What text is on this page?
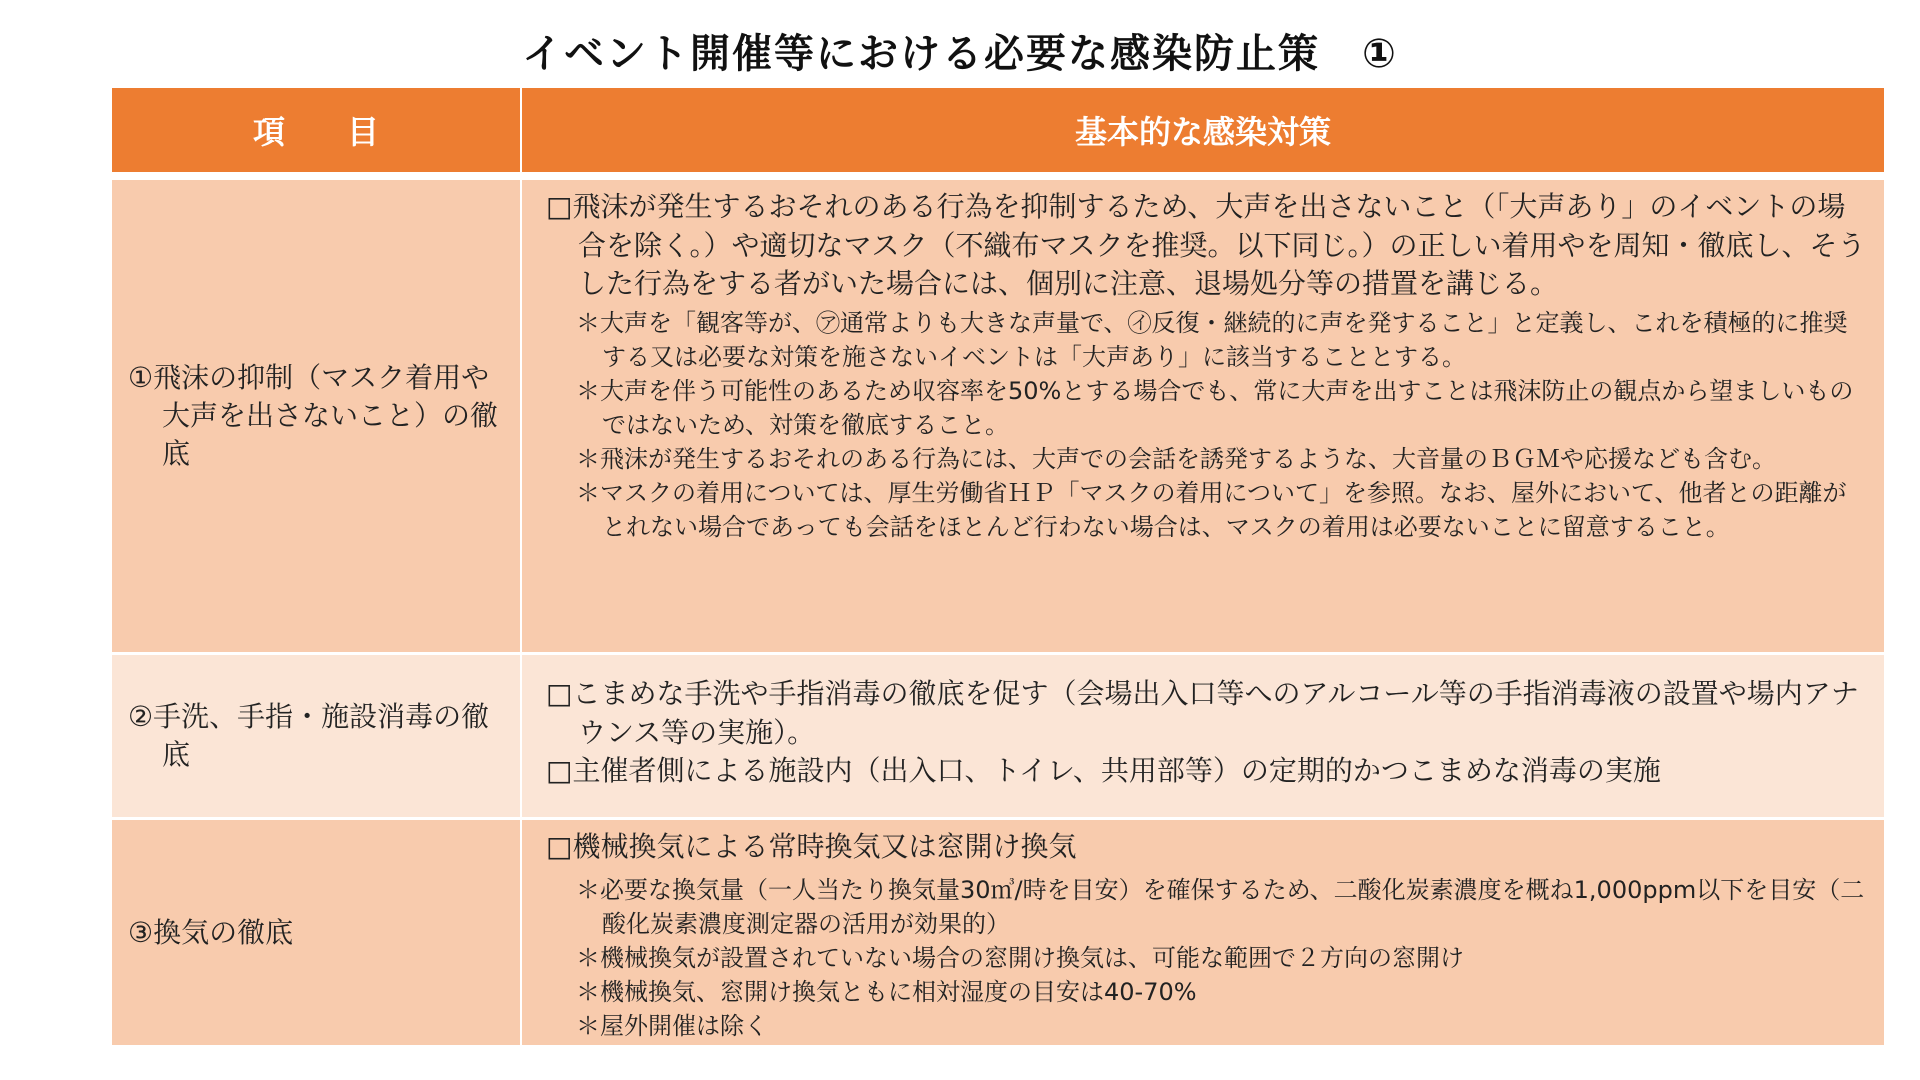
イベント開催等における必要な感染防止策　①
項目	基本的な感染対策
①飛沫の抑制（マスク着用や大声を出さないこと）の徹底
□飛沫が発生するおそれのある行為を抑制するため、大声を出さないこと（「大声あり」のイベントの場合を除く。）や適切なマスク（不織布マスクを推奨。以下同じ。）の正しい着用やを周知・徹底し、そうした行為をする者がいた場合には、個別に注意、退場処分等の措置を講じる。
＊大声を「観客等が、㋐通常よりも大きな声量で、㋑反復・継続的に声を発すること」と定義し、これを積極的に推奨する又は必要な対策を施さないイベントは「大声あり」に該当することとする。
＊大声を伴う可能性のあるため収容率を50%とする場合でも、常に大声を出すことは飛沫防止の観点から望ましいものではないため、対策を徹底すること。
＊飛沫が発生するおそれのある行為には、大声での会話を誘発するような、大音量のＢＧＭや応援なども含む。
＊マスクの着用については、厚生労働省ＨＰ「マスクの着用について」を参照。なお、屋外において、他者との距離がとれない場合であっても会話をほとんど行わない場合は、マスクの着用は必要ないことに留意すること。
②手洗、手指・施設消毒の徹底
□こまめな手洗や手指消毒の徹底を促す（会場出入口等へのアルコール等の手指消毒液の設置や場内アナウンス等の実施）。
□主催者側による施設内（出入口、トイレ、共用部等）の定期的かつこまめな消毒の実施
③換気の徹底
□機械換気による常時換気又は窓開け換気
＊必要な換気量（一人当たり換気量30㎥/時を目安）を確保するため、二酸化炭素濃度を概ね1,000ppm以下を目安（二酸化炭素濃度測定器の活用が効果的）
＊機械換気が設置されていない場合の窓開け換気は、可能な範囲で２方向の窓開け
＊機械換気、窓開け換気ともに相対湿度の目安は40-70%
＊屋外開催は除く
